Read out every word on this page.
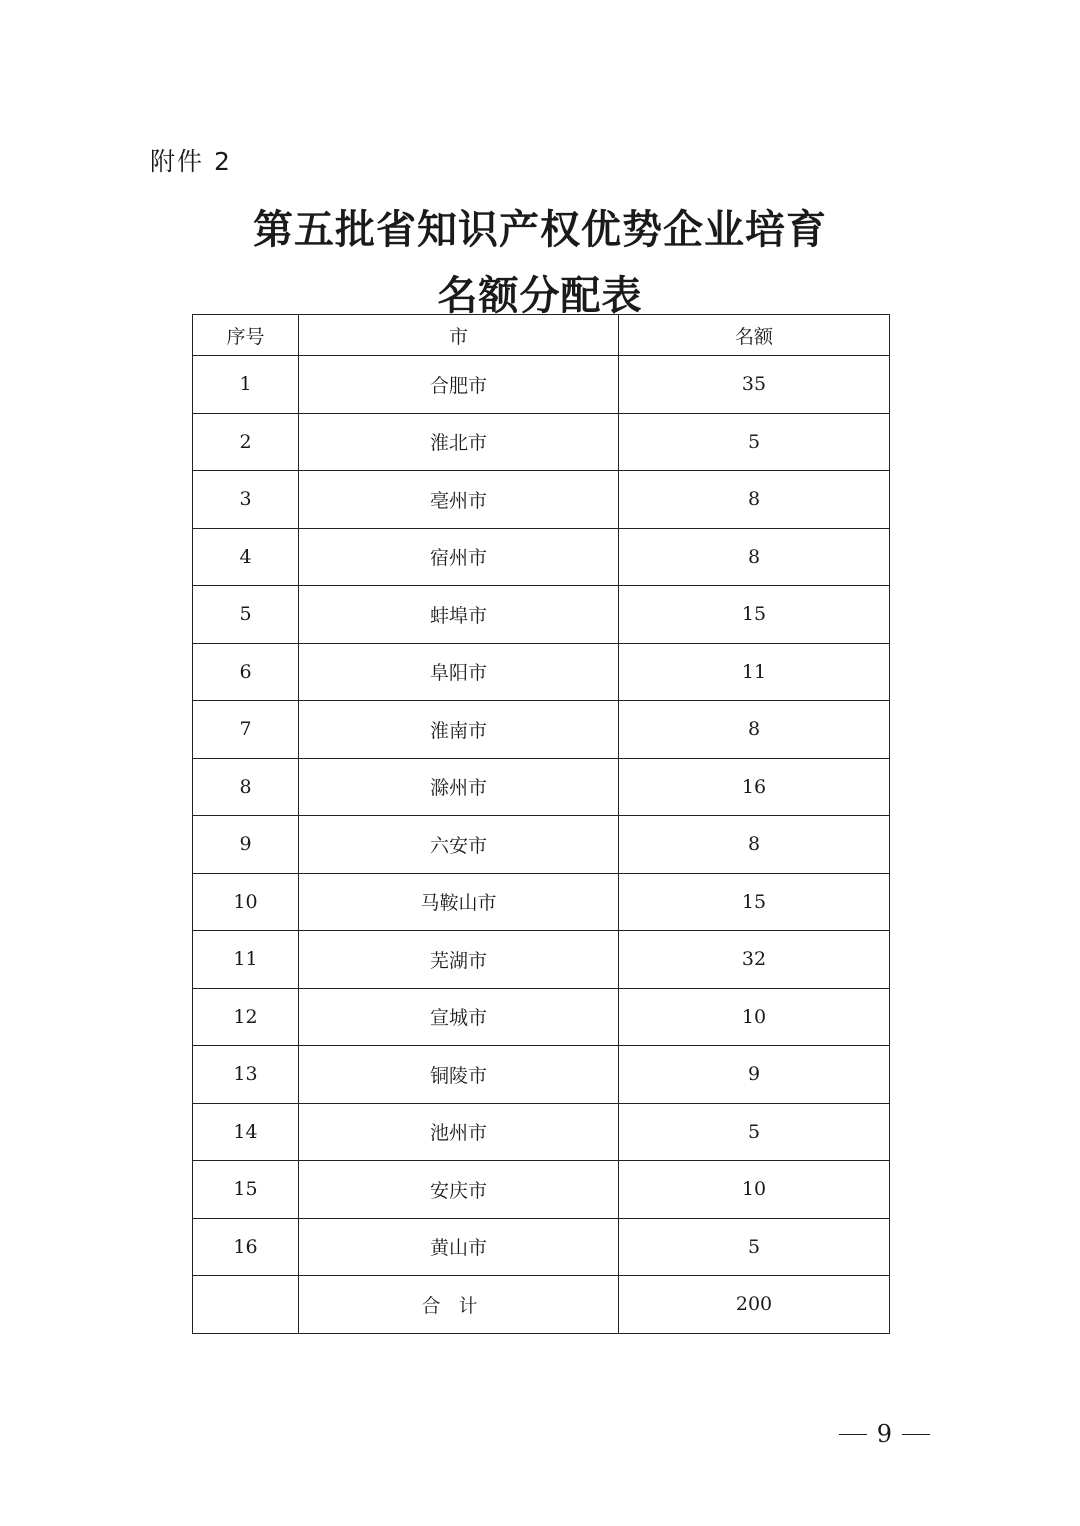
附件 2
第五批省知识产权优势企业培育
名额分配表
序号	市	名额
1	合肥市	35
2	淮北市	5
3	亳州市	8
4	宿州市	8
5	蚌埠市	15
6	阜阳市	11
7	淮南市	8
8	滁州市	16
9	六安市	8
10	马鞍山市	15
11	芜湖市	32
12	宣城市	10
13	铜陵市	9
14	池州市	5
15	安庆市	10
16	黄山市	5
	合计	200
9
